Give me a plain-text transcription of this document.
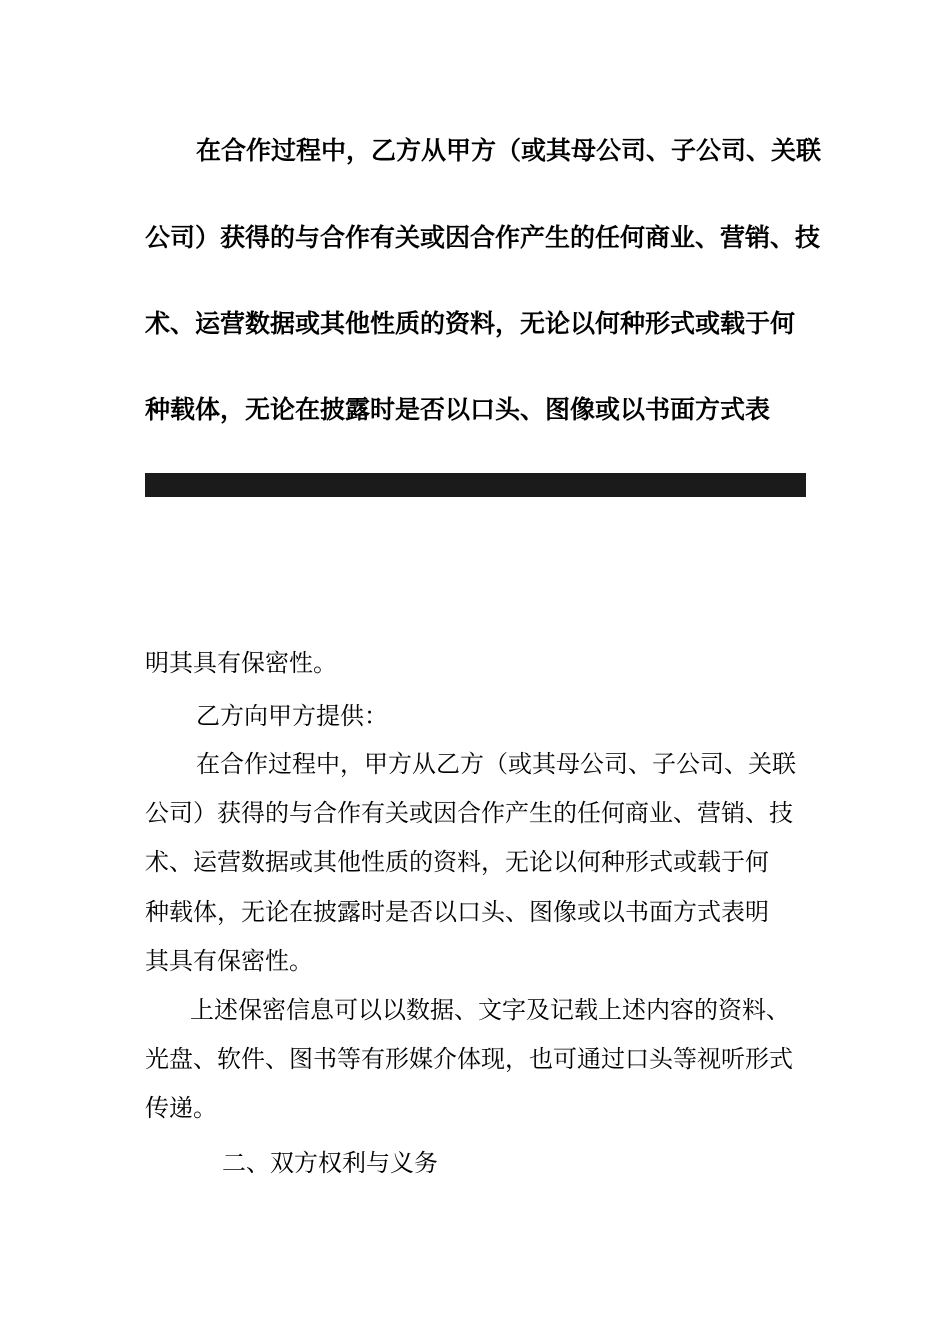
在合作过程中，乙方从甲方（或其母公司、子公司、关联
公司）获得的与合作有关或因合作产生的任何商业、营销、技
术、运营数据或其他性质的资料，无论以何种形式或载于何
种载体，无论在披露时是否以口头、图像或以书面方式表
明其具有保密性。
乙方向甲方提供：
在合作过程中，甲方从乙方（或其母公司、子公司、关联
公司）获得的与合作有关或因合作产生的任何商业、营销、技
术、运营数据或其他性质的资料，无论以何种形式或载于何
种载体，无论在披露时是否以口头、图像或以书面方式表明
其具有保密性。
上述保密信息可以以数据、文字及记载上述内容的资料、
光盘、软件、图书等有形媒介体现，也可通过口头等视听形式
传递。
二、双方权利与义务
